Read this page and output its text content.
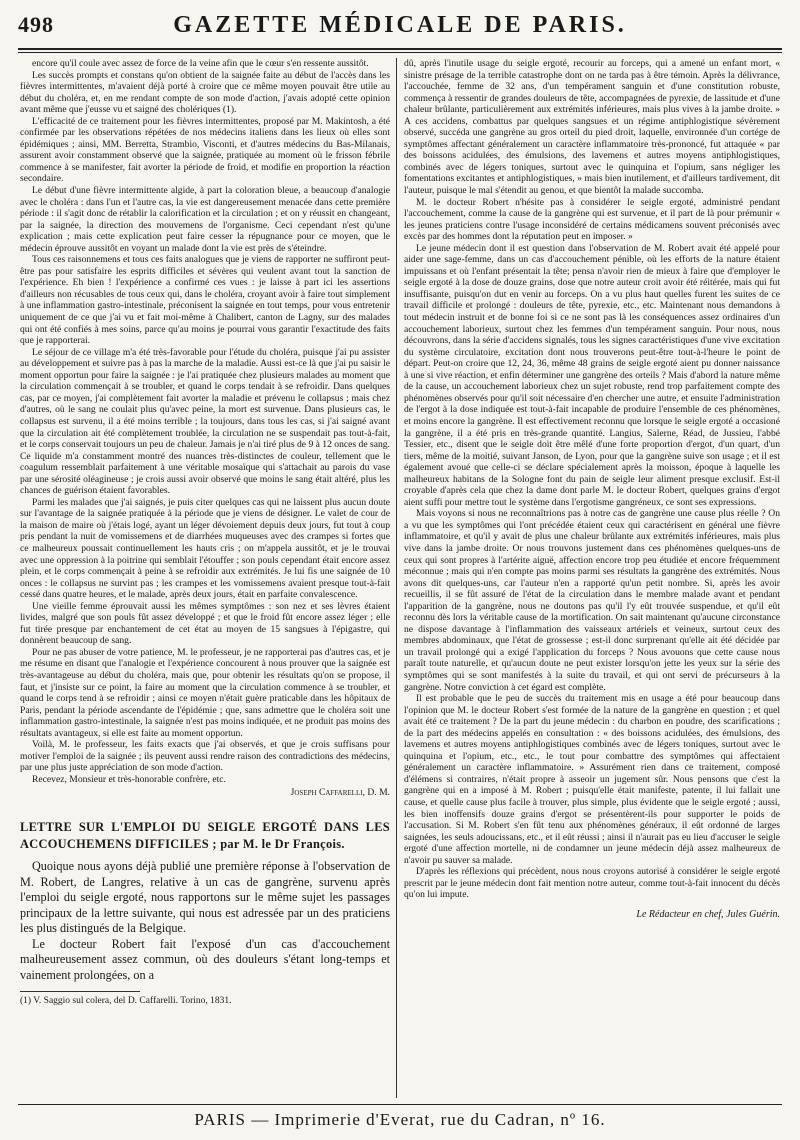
498	GAZETTE MÉDICALE DE PARIS.

encore qu'il coule avec assez de force de la veine afin que le cœur s'en ressente aussitôt.

Les succès prompts et constans qu'on obtient de la saignée faite au début de l'accès dans les fièvres intermittentes, m'avaient déjà porté à croire que ce même moyen pouvait être utile au début du choléra, et, en me rendant compte de son mode d'action, j'avais adopté cette opinion avant même que j'eusse vu et saigné des cholériques (1).

L'efficacité de ce traitement pour les fièvres intermittentes, proposé par M. Makintosh, a été confirmée par les observations répétées de nos médecins italiens dans les lieux où elles sont épidémiques ; ainsi, MM. Berretta, Strambio, Visconti, et d'autres médecins du Bas-Milanais, assurent avoir constamment observé que la saignée, pratiquée au moment où le frisson fébrile commence à se manifester, fait avorter la période de froid, et modifie en proportion la réaction secondaire.

Le début d'une fièvre intermittente algide, à part la coloration bleue, a beaucoup d'analogie avec le choléra : dans l'un et l'autre cas, la vie est dangereusement menacée dans cette première période : il s'agit donc de rétablir la calorification et la circulation ; et on y réussit en changeant, par la saignée, la direction des mouvemens de l'organisme. Ceci cependant n'est qu'une explication ; mais cette explication peut faire cesser la répugnance pour ce moyen, que le médecin éprouve aussitôt en voyant un malade dont la vie est près de s'éteindre.

Tous ces raisonnemens et tous ces faits analogues que je viens de rapporter ne suffiront peut-être pas pour satisfaire les esprits difficiles et sévères qui veulent avant tout la sanction de l'expérience. Eh bien ! l'expérience a confirmé ces vues : je laisse à part ici les assertions d'ailleurs non récusables de tous ceux qui, dans le choléra, croyant avoir à faire tout simplement à une inflammation gastro-intestinale, préconisent la saignée en tout temps, pour vous entretenir uniquement de ce que j'ai vu et fait moi-même à Chalibert, canton de Lagny, sur des malades qui ont été confiés à mes soins, parce qu'au moins je pourrai vous garantir l'exactitude des faits que je rapporterai.

Le séjour de ce village m'a été très-favorable pour l'étude du choléra, puisque j'ai pu assister au développement et suivre pas à pas la marche de la maladie. Aussi est-ce là que j'ai pu saisir le moment opportun pour faire la saignée : je l'ai pratiquée chez plusieurs malades au moment que la circulation commençait à se troubler, et quand le corps tendait à se refroidir. Dans quelques cas, par ce moyen, j'ai complètement fait avorter la maladie et prévenu le collapsus ; mais chez d'autres, où le sang ne coulait plus qu'avec peine, la mort est survenue. Dans plusieurs cas, le collapsus est survenu, il a été moins terrible ; la toujours, dans tous les cas, si j'ai saigné avant que la circulation ait été complètement troublée, la circulation ne se suspendait pas tout-à-fait, et le corps conservait toujours un peu de chaleur. Jamais je n'ai tiré plus de 9 à 12 onces de sang. Ce liquide m'a constamment montré des nuances très-distinctes de couleur, tellement que le coagulum ressemblait parfaitement à une véritable mosaïque qui s'attachait au parois du vase par une sérosité oléagineuse ; je crois aussi avoir observé que moins le sang était altéré, plus les chances de guérison étaient favorables.

Parmi les malades que j'ai saignés, je puis citer quelques cas qui ne laissent plus aucun doute sur l'avantage de la saignée pratiquée à la période que je viens de désigner. Le valet de cour de la maison de maire où j'étais logé, ayant un léger dévoiement depuis deux jours, fut tout à coup pris pendant la nuit de vomissemens et de diarrhées muqueuses avec des crampes si fortes que ce malheureux poussait continuellement les hauts cris ; on m'appela aussitôt, et je le trouvai avec une oppression à la poitrine qui semblait l'étouffer ; son pouls cependant était encore assez plein, et le corps commençait à peine à se refroidir aux extrémités. Je lui fis une saignée de 10 onces : le collapsus ne survint pas ; les crampes et les vomissemens avaient presque tout-à-fait cessé dans quatre heures, et le malade, après deux jours, était en parfaite convalescence.

Une vieille femme éprouvait aussi les mêmes symptômes : son nez et ses lèvres étaient livides, malgré que son pouls fût assez développé ; et que le froid fût encore assez léger ; elle fut tirée presque par enchantement de cet état au moyen de 15 sangsues à l'épigastre, qui donnèrent beaucoup de sang.

Pour ne pas abuser de votre patience, M. le professeur, je ne rapporterai pas d'autres cas, et je me résume en disant que l'analogie et l'expérience concourent à nous prouver que la saignée est très-avantageuse au début du choléra, mais que, pour obtenir les résultats qu'on se propose, il faut, et j'insiste sur ce point, la faire au moment que la circulation commence à se troubler, et quand le corps tend à se refroidir ; ainsi ce moyen n'était guère praticable dans les hôpitaux de Paris, pendant la période ascendante de l'épidémie ; que, sans admettre que le choléra soit une inflammation gastro-intestinale, la saignée n'est pas moins indiquée, et ne produit pas moins des résultats avantageux, si elle est faite au moment opportun.

Voilà, M. le professeur, les faits exacts que j'ai observés, et que je crois suffisans pour motiver l'emploi de la saignée ; ils peuvent aussi rendre raison des contradictions des médecins, par une plus juste appréciation de son mode d'action.

Recevez, Monsieur et très-honorable confrère, etc.

Joseph Caffarelli, D. M.

LETTRE SUR L'EMPLOI DU SEIGLE ERGOTÉ DANS LES ACCOUCHEMENS DIFFICILES ; par M. le Dr François.

Quoique nous ayons déjà publié une première réponse à l'observation de M. Robert, de Langres, relative à un cas de gangrène, survenu après l'emploi du seigle ergoté, nous rapportons sur le même sujet les passages principaux de la lettre suivante, qui nous est adressée par un des praticiens les plus distingués de la Belgique.

Le docteur Robert fait l'exposé d'un cas d'accouchement malheureusement assez commun, où des douleurs s'étant long-temps et vainement prolongées, on a

(1) V. Saggio sul colera, del D. Caffarelli. Torino, 1831.

dû, après l'inutile usage du seigle ergoté, recourir au forceps, qui a amené un enfant mort, « sinistre présage de la terrible catastrophe dont on ne tarda pas à être témoin. Après la délivrance, l'accouchée, femme de 32 ans, d'un tempérament sanguin et d'une constitution robuste, commença à ressentir de grandes douleurs de tête, accompagnées de pyrexie, de lassitude et d'une chaleur brûlante, particulièrement aux extrémités inférieures, mais plus vives à la jambe droite. » A ces accidens, combattus par quelques sangsues et un régime antiphlogistique sévèrement observé, succéda une gangrène au gros orteil du pied droit, laquelle, environnée d'un cortége de symptômes affectant généralement un caractère inflammatoire très-prononcé, fut attaquée « par des boissons acidulées, des émulsions, des lavemens et autres moyens antiphlogistiques, combinés avec de légers toniques, surtout avec le quinquina et l'opium, sans négliger les fomentations excitantes et antiphlogistiques, » mais bien inutilement, et d'ailleurs tardivement, dit l'auteur, puisque le mal s'étendit au genou, et que bientôt la malade succomba.

M. le docteur Robert n'hésite pas à considérer le seigle ergoté, administré pendant l'accouchement, comme la cause de la gangrène qui est survenue, et il part de là pour prémunir « les jeunes praticiens contre l'usage inconsidéré de certains médicamens souvent préconisés avec excès par des hommes dont la réputation peut en imposer. »

Le jeune médecin dont il est question dans l'observation de M. Robert avait été appelé pour aider une sage-femme, dans un cas d'accouchement pénible, où les efforts de la nature étaient impuissans et où l'enfant présentait la tête; pensa n'avoir rien de mieux à faire que d'employer le seigle ergoté à la dose de douze grains, dose que notre auteur croit avoir été réitérée, mais qui fut insuffisante, puisqu'on dut en venir au forceps. On a vu plus haut quelles furent les suites de ce travail difficile et prolongé : douleurs de tête, pyrexie, etc., etc. Maintenant nous demandons à tout médecin instruit et de bonne foi si ce ne sont pas là les conséquences assez ordinaires d'un accouchement laborieux, surtout chez les femmes d'un tempérament sanguin. Pour nous, nous découvrons, dans la série d'accidens signalés, tous les signes caractéristiques d'une vive excitation du système circulatoire, excitation dont nous trouverons peut-être tout-à-l'heure le point de départ. Peut-on croire que 12, 24, 36, même 48 grains de seigle ergoté aient pu donner naissance à une si vive réaction, et enfin déterminer une gangrène des orteils ? Mais d'abord la nature même de la cause, un accouchement laborieux chez un sujet robuste, rend trop parfaitement compte des phénomènes observés pour qu'il soit nécessaire d'en chercher une autre, et ensuite l'administration de l'ergot à la dose indiquée est tout-à-fait incapable de produire l'ensemble de ces phénomènes, et moins encore la gangrène. Il est effectivement reconnu que lorsque le seigle ergoté a occasioné la gangrène, il a été pris en très-grande quantité. Langius, Salerne, Réad, de Jussieu, l'abbé Tessier, etc., disent que le seigle doit être mêlé d'une forte proportion d'ergot, d'un quart, d'un tiers, même de la moitié, suivant Janson, de Lyon, pour que la gangrène suive son usage ; et il est également avoué que celle-ci se déclare spécialement après la moisson, époque à laquelle les malheureux habitans de la Sologne font du pain de seigle leur aliment presque exclusif. Est-il croyable d'après cela que chez la dame dont parle M. le docteur Robert, quelques grains d'ergot aient suffi pour mettre tout le système dans l'ergotisme gangréneux, ce sont ses expressions.

Mais voyons si nous ne reconnaîtrions pas à notre cas de gangrène une cause plus réelle ? On a vu que les symptômes qui l'ont précédée étaient ceux qui caractérisent en général une fièvre inflammatoire, et qu'il y avait de plus une chaleur brûlante aux extrémités inférieures, mais plus vive dans la jambe droite. Or nous trouvons justement dans ces phénomènes quelques-uns de ceux qui sont propres à l'artérite aiguë, affection encore trop peu étudiée et encore fréquemment méconnue ; mais qui n'en compte pas moins parmi ses résultats la gangrène des extrémités. Nous avons dit quelques-uns, car l'auteur n'en a rapporté qu'un petit nombre. Si, après les avoir recueillis, il se fût assuré de l'état de la circulation dans le membre malade avant et pendant l'apparition de la gangrène, nous ne doutons pas qu'il l'y eût trouvée suspendue, et qu'il eût reconnu dès lors la véritable cause de la mortification. On sait maintenant qu'aucune circonstance ne dispose davantage à l'inflammation des vaisseaux artériels et veineux, surtout ceux des membres abdominaux, que l'état de grossesse ; est-il donc surprenant qu'elle ait été décidée par un travail prolongé qui a exigé l'application du forceps ? Nous avouons que cette cause nous paraît toute naturelle, et qu'aucun doute ne peut exister lorsqu'on jette les yeux sur la série des symptômes qui se sont manifestés à la suite du travail, et qui ont servi de précurseurs à la gangrène. Notre conviction à cet égard est complète.

Il est probable que le peu de succès du traitement mis en usage a été pour beaucoup dans l'opinion que M. le docteur Robert s'est formée de la nature de la gangrène en question ; et quel avait été ce traitement ? De la part du jeune médecin : du charbon en poudre, des scarifications ; de la part des médecins appelés en consultation : « des boissons acidulées, des émulsions, des lavemens et autres moyens antiphlogistiques combinés avec de légers toniques, surtout avec le quinquina et l'opium, etc., etc., le tout pour combattre des symptômes qui affectaient généralement un caractère inflammatoire. » Assurément rien dans ce traitement, composé d'élémens si contraires, n'était propre à asseoir un jugement sûr. Nous pensons que c'est la gangrène qui en a imposé à M. Robert ; puisqu'elle était manifeste, patente, il lui fallait une cause, et quelle cause plus facile à trouver, plus simple, plus évidente que le seigle ergoté ; aussi, les bien inoffensifs douze grains d'ergot se présentèrent-ils pour supporter le poids de l'accusation. Si M. Robert s'en fût tenu aux phénomènes généraux, il eût ordonné de larges saignées, les seuls adoucissans, etc., et il eût réussi ; ainsi il n'aurait pas eu lieu d'accuser le seigle ergoté d'une affection mortelle, ni de condamner un jeune médecin déjà assez malheureux de n'avoir pu sauver sa malade.

D'après les réflexions qui précèdent, nous nous croyons autorisé à considérer le seigle ergoté prescrit par le jeune médecin dont fait mention notre auteur, comme tout-à-fait innocent du décès qu'on lui impute.

Le Rédacteur en chef, Jules Guérin.

PARIS — Imprimerie d'Everat, rue du Cadran, nº 16.
